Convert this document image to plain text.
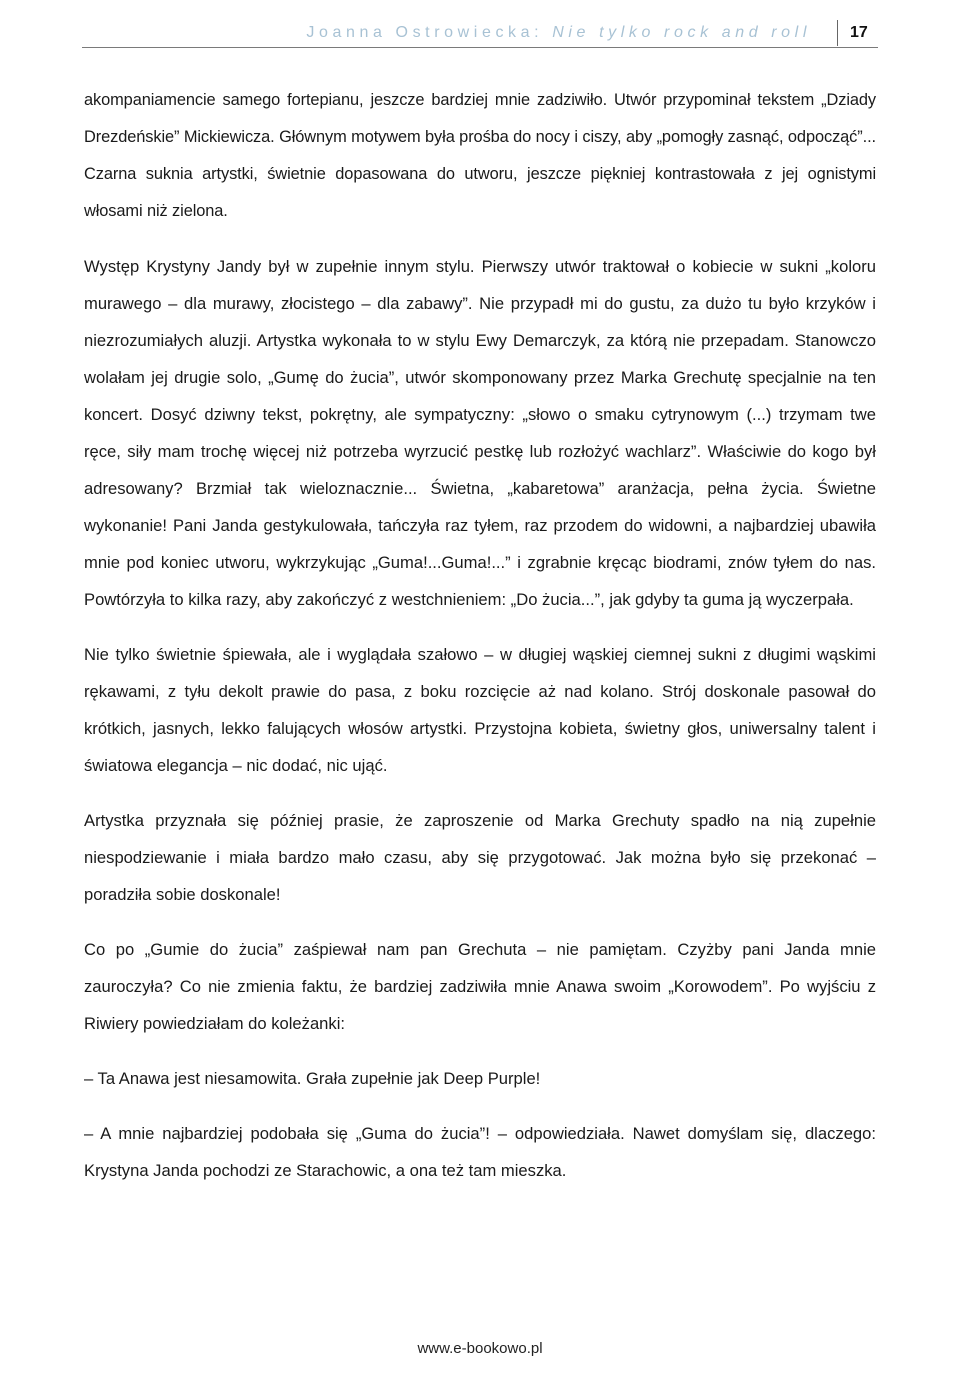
Joanna Ostrowiecka: Nie tylko rock and roll	17

akompaniamencie samego fortepianu, jeszcze bardziej mnie zadziwiło. Utwór przypominał tekstem „Dziady Drezdeńskie” Mickiewicza. Głównym motywem była prośba do nocy i ciszy, aby „pomogły zasnąć, odpocząć”... Czarna suknia artystki, świetnie dopasowana do utworu, jeszcze piękniej kontrastowała z jej ognistymi włosami niż zielona.

Występ Krystyny Jandy był w zupełnie innym stylu. Pierwszy utwór traktował o kobiecie w sukni „koloru murawego – dla murawy, złocistego – dla zabawy”. Nie przypadł mi do gustu, za dużo tu było krzyków i niezrozumiałych aluzji. Artystka wykonała to w stylu Ewy Demarczyk, za którą nie przepadam. Stanowczo wolałam jej drugie solo, „Gumę do żucia”, utwór skomponowany przez Marka Grechutę specjalnie na ten koncert. Dosyć dziwny tekst, pokrętny, ale sympatyczny: „słowo o smaku cytrynowym (...) trzymam twe ręce, siły mam trochę więcej niż potrzeba wyrzucić pestkę lub rozłożyć wachlarz”. Właściwie do kogo był adresowany? Brzmiał tak wieloznacznie... Świetna, „kabaretowa” aranżacja, pełna życia. Świetne wykonanie! Pani Janda gestykulowała, tańczyła raz tyłem, raz przodem do widowni, a najbardziej ubawiła mnie pod koniec utworu, wykrzykując „Guma!...Guma!...” i zgrabnie kręcąc biodrami, znów tyłem do nas. Powtórzyła to kilka razy, aby zakończyć z westchnieniem: „Do żucia...”, jak gdyby ta guma ją wyczerpała.

Nie tylko świetnie śpiewała, ale i wyglądała szałowo – w długiej wąskiej ciemnej sukni z długimi wąskimi rękawami, z tyłu dekolt prawie do pasa, z boku rozcięcie aż nad kolano. Strój doskonale pasował do krótkich, jasnych, lekko falujących włosów artystki. Przystojna kobieta, świetny głos, uniwersalny talent i światowa elegancja – nic dodać, nic ująć.

Artystka przyznała się później prasie, że zaproszenie od Marka Grechuty spadło na nią zupełnie niespodziewanie i miała bardzo mało czasu, aby się przygotować. Jak można było się przekonać – poradziła sobie doskonale!

Co po „Gumie do żucia” zaśpiewał nam pan Grechuta – nie pamiętam. Czyżby pani Janda mnie zauroczyła? Co nie zmienia faktu, że bardziej zadziwiła mnie Anawa swoim „Korowodem”. Po wyjściu z Riwiery powiedziałam do koleżanki:

– Ta Anawa jest niesamowita. Grała zupełnie jak Deep Purple!

– A mnie najbardziej podobała się „Guma do żucia”! – odpowiedziała. Nawet domyślam się, dlaczego: Krystyna Janda pochodzi ze Starachowic, a ona też tam mieszka.

www.e-bookowo.pl
